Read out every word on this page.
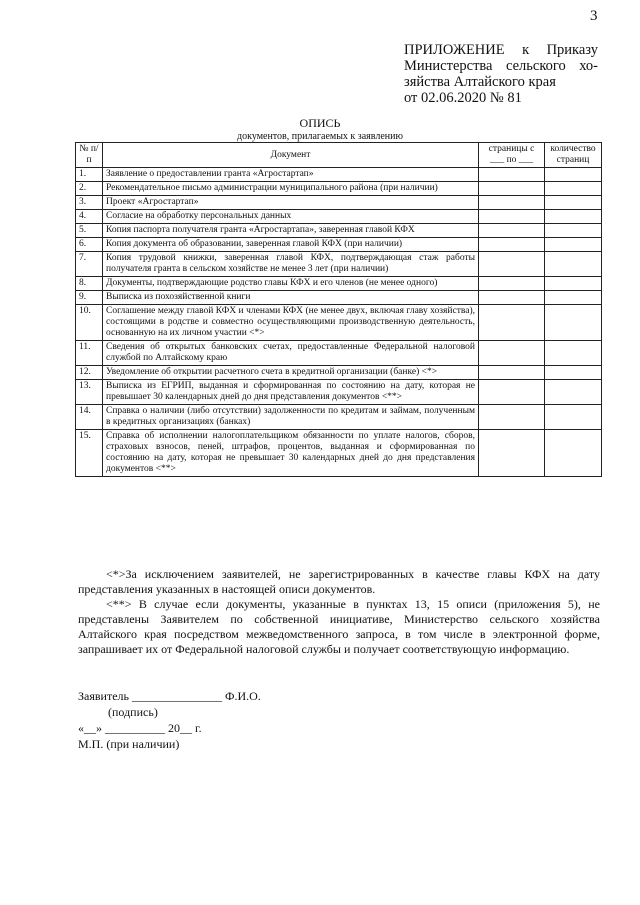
3
ПРИЛОЖЕНИЕ к Приказу
Министерства сельского хо-
зяйства Алтайского края
от 02.06.2020 № 81
ОПИСЬ
документов, прилагаемых к заявлению
№ п/п	Документ	страницы с ___ по ___	количество страниц
1.	Заявление о предоставлении гранта «Агростартап»		
2.	Рекомендательное письмо администрации муниципального района (при наличии)		
3.	Проект «Агростартап»		
4.	Согласие на обработку персональных данных		
5.	Копия паспорта получателя гранта «Агростартапа», заверенная главой КФХ		
6.	Копия документа об образовании, заверенная главой КФХ (при наличии)		
7.	Копия трудовой книжки, заверенная главой КФХ, подтверждающая стаж работы получателя гранта в сельском хозяйстве не менее 3 лет (при наличии)		
8.	Документы, подтверждающие родство главы КФХ и его членов (не менее одного)		
9.	Выписка из похозяйственной книги		
10.	Соглашение между главой КФХ и членами КФХ (не менее двух, включая главу хозяйства), состоящими в родстве и совместно осуществляющими производственную деятельность, основанную на их личном участии <*>		
11.	Сведения об открытых банковских счетах, предоставленные Федеральной налоговой службой по Алтайскому краю		
12.	Уведомление об открытии расчетного счета в кредитной организации (банке) <*>		
13.	Выписка из ЕГРИП, выданная и сформированная по состоянию на дату, которая не превышает 30 календарных дней до дня представления документов <**>		
14.	Справка о наличии (либо отсутствии) задолженности по кредитам и займам, полученным в кредитных организациях (банках)		
15.	Справка об исполнении налогоплательщиком обязанности по уплате налогов, сборов, страховых взносов, пеней, штрафов, процентов, выданная и сформированная по состоянию на дату, которая не превышает 30 календарных дней до дня представления документов <**>		

<*>За исключением заявителей, не зарегистрированных в качестве главы КФХ на дату представления указанных в настоящей описи документов.

<**> В случае если документы, указанные в пунктах 13, 15 описи (приложения 5), не представлены Заявителем по собственной инициативе, Министерство сельского хозяйства Алтайского края посредством межведомственного запроса, в том числе в электронной форме, запрашивает их от Федеральной налоговой службы и получает соответствующую информацию.

Заявитель _______________ Ф.И.О.
(подпись)
«__» __________ 20__ г.
М.П. (при наличии)
